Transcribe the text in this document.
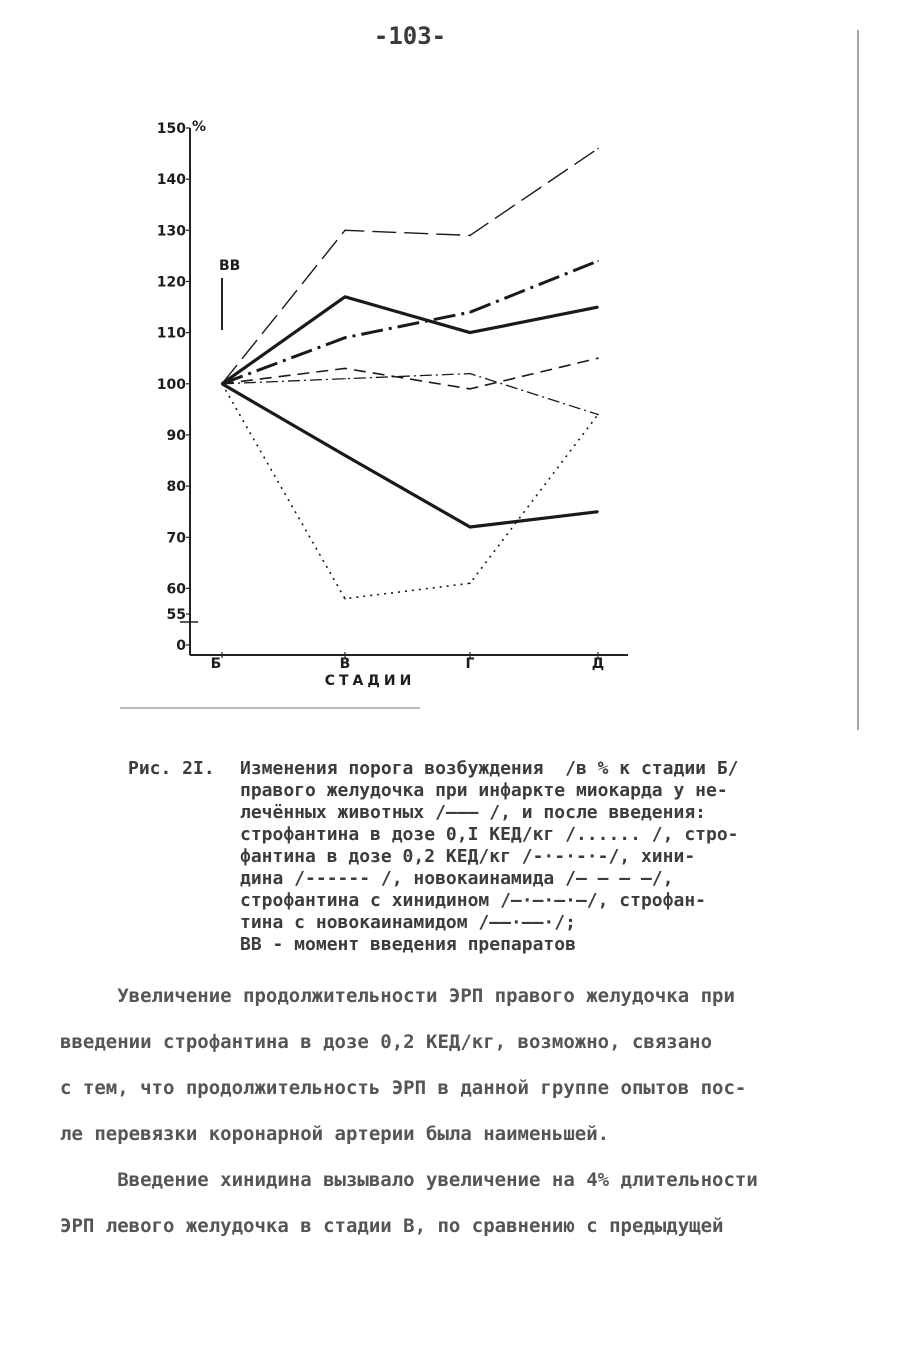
-103-
0
55
60
70
80
90
100
110
120
130
140
150
Б	В	Г	Д
ВВ
%
СТАДИИ
Рис. 2I. Изменения порога возбуждения  /в % к стадии Б/
правого желудочка при инфаркте миокарда у не-
лечённых животных /——— /, и после введения:
строфантина в дозе 0,I КЕД/кг /...... /, стро-
фантина в дозе 0,2 КЕД/кг /-·-·-·-/, хини-
дина /------ /, новокаинамида /— — — —/,
строфантина с хинидином /—·—·—·—/, строфан-
тина с новокаинамидом /——·——·/;
ВВ - момент введения препаратов
Увеличение продолжительности ЭРП правого желудочка при
введении строфантина в дозе 0,2 КЕД/кг, возможно, связано
с тем, что продолжительность ЭРП в данной группе опытов пос-
ле перевязки коронарной артерии была наименьшей.
Введение хинидина вызывало увеличение на 4% длительности
ЭРП левого желудочка в стадии В, по сравнению с предыдущей
